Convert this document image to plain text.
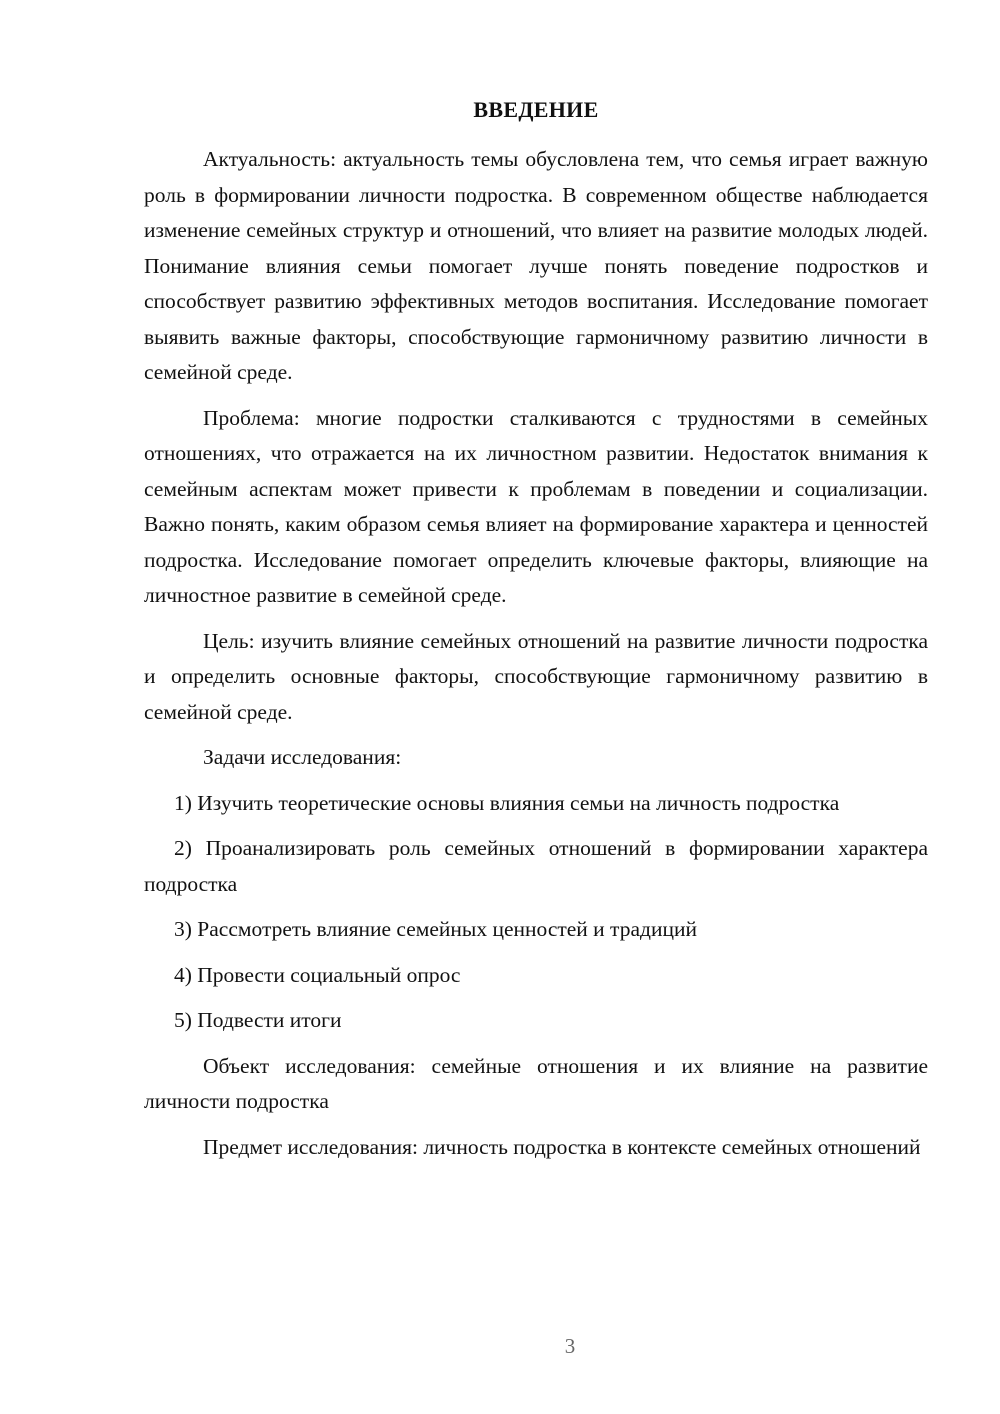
ВВЕДЕНИЕ

Актуальность: актуальность темы обусловлена тем, что семья играет важную роль в формировании личности подростка. В современном обществе наблюдается изменение семейных структур и отношений, что влияет на развитие молодых людей. Понимание влияния семьи помогает лучше понять поведение подростков и способствует развитию эффективных методов воспитания. Исследование помогает выявить важные факторы, способствующие гармоничному развитию личности в семейной среде.

Проблема: многие подростки сталкиваются с трудностями в семейных отношениях, что отражается на их личностном развитии. Недостаток внимания к семейным аспектам может привести к проблемам в поведении и социализации. Важно понять, каким образом семья влияет на формирование характера и ценностей подростка. Исследование помогает определить ключевые факторы, влияющие на личностное развитие в семейной среде.

Цель: изучить влияние семейных отношений на развитие личности подростка и определить основные факторы, способствующие гармоничному развитию в семейной среде.

Задачи исследования:

1) Изучить теоретические основы влияния семьи на личность подростка

2) Проанализировать роль семейных отношений в формировании характера подростка

3) Рассмотреть влияние семейных ценностей и традиций

4) Провести социальный опрос

5) Подвести итоги

Объект исследования: семейные отношения и их влияние на развитие личности подростка

Предмет исследования: личность подростка в контексте семейных отношений

3
